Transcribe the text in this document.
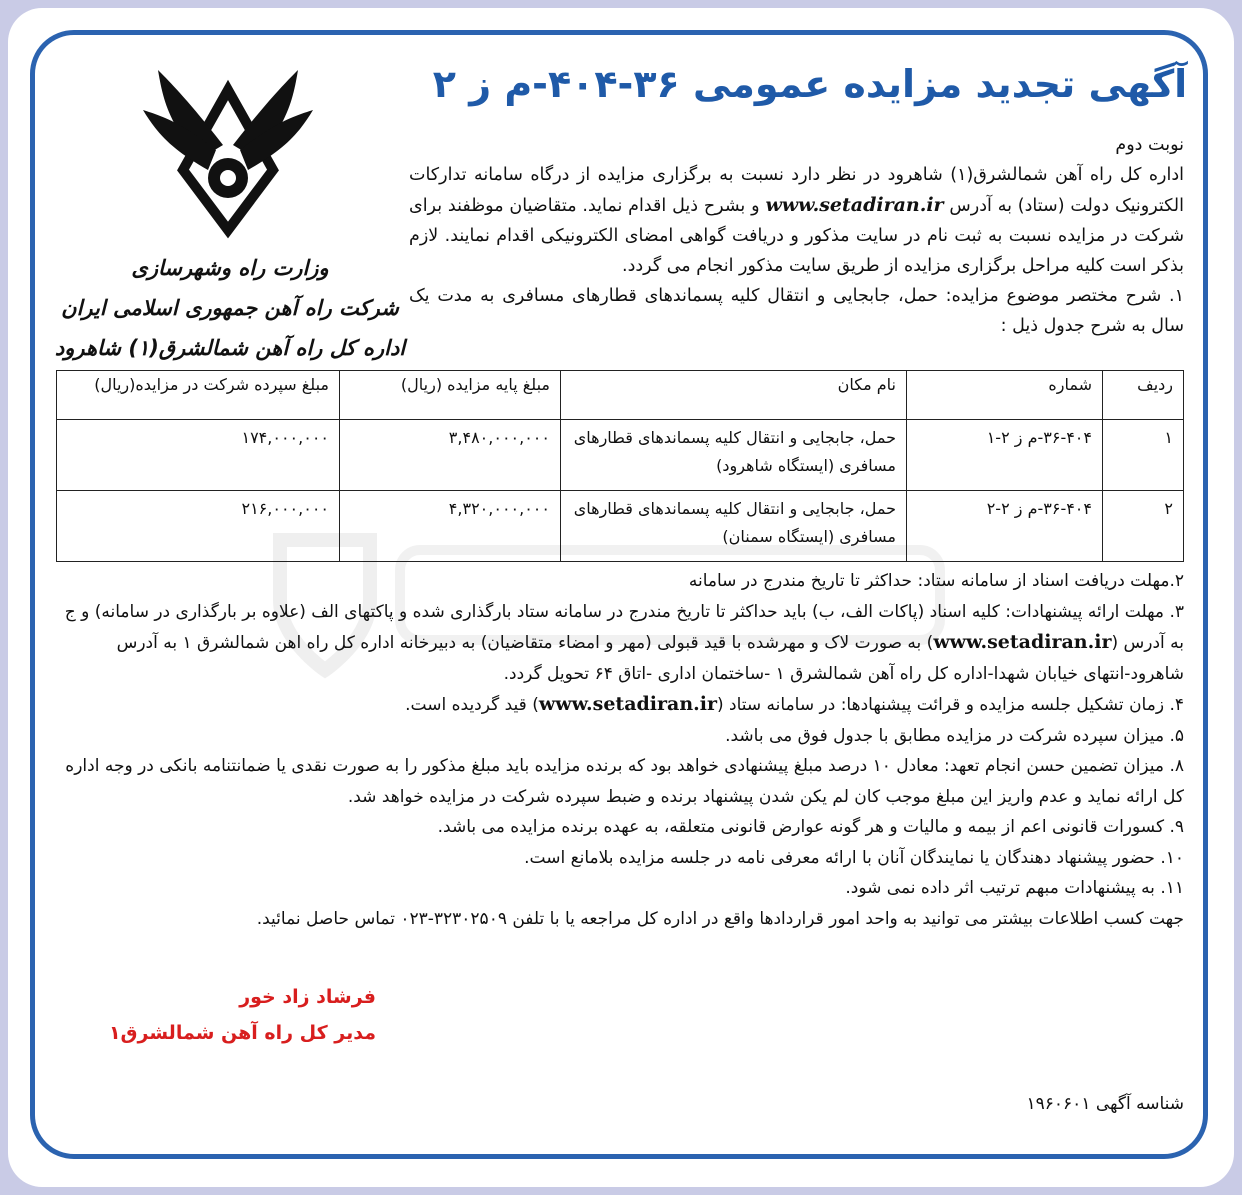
وزارت راه وشهرسازی
شرکت راه آهن جمهوری اسلامی ایران
اداره کل راه آهن شمالشرق(۱) شاهرود
آگهی تجدید مزایده عمومی ۳۶-۴۰۴-م ز ۲
نوبت دوم
اداره کل راه آهن شمالشرق(۱) شاهرود در نظر دارد نسبت به برگزاری مزایده از درگاه سامانه تدارکات الکترونیک دولت (ستاد) به آدرس www.setadiran.ir و بشرح ذیل اقدام نماید. متقاضیان موظفند برای شرکت در مزایده نسبت به ثبت نام در سایت مذکور و دریافت گواهی امضای الکترونیکی اقدام نمایند. لازم بذکر است کلیه مراحل برگزاری مزایده از طریق سایت مذکور انجام می گردد.
۱. شرح مختصر موضوع مزایده: حمل، جابجایی و انتقال کلیه پسماندهای قطارهای مسافری به مدت یک سال به شرح جدول ذیل :
ردیف	شماره	نام مکان	مبلغ پایه مزایده (ریال)	مبلغ سپرده شرکت در مزایده(ریال)
۱	۳۶-۴۰۴-م ز ۲-۱	حمل، جابجایی و انتقال کلیه پسماندهای قطارهای مسافری (ایستگاه شاهرود)	۳,۴۸۰,۰۰۰,۰۰۰	۱۷۴,۰۰۰,۰۰۰
۲	۳۶-۴۰۴-م ز ۲-۲	حمل، جابجایی و انتقال کلیه پسماندهای قطارهای مسافری (ایستگاه سمنان)	۴,۳۲۰,۰۰۰,۰۰۰	۲۱۶,۰۰۰,۰۰۰
۲.مهلت دریافت اسناد از سامانه ستاد: حداکثر تا تاریخ مندرج در سامانه
۳. مهلت ارائه پیشنهادات: کلیه اسناد (پاکات الف، ب) باید حداکثر تا تاریخ مندرج در سامانه ستاد بارگذاری شده و پاکتهای الف (علاوه بر بارگذاری در سامانه) و ج به آدرس (www.setadiran.ir) به صورت لاک و مهرشده با قید قبولی (مهر و امضاء متقاضیان) به دبیرخانه اداره کل راه اهن شمالشرق ۱ به آدرس شاهرود-انتهای خیابان شهدا-اداره کل راه آهن شمالشرق ۱ -ساختمان اداری -اتاق ۶۴ تحویل گردد.
۴. زمان تشکیل جلسه مزایده و قرائت پیشنهادها: در سامانه ستاد (www.setadiran.ir) قید گردیده است.
۵. میزان سپرده شرکت در مزایده مطابق با جدول فوق می باشد.
۸. میزان تضمین حسن انجام تعهد: معادل ۱۰ درصد مبلغ پیشنهادی خواهد بود که برنده مزایده باید مبلغ مذکور را به صورت نقدی یا ضمانتنامه بانکی در وجه اداره کل ارائه نماید و عدم واریز این مبلغ موجب کان لم یکن شدن پیشنهاد برنده و ضبط سپرده شرکت در مزایده خواهد شد.
۹. کسورات قانونی اعم از بیمه و مالیات و هر گونه عوارض قانونی متعلقه، به عهده برنده مزایده می باشد.
۱۰. حضور پیشنهاد دهندگان یا نمایندگان آنان با ارائه معرفی نامه در جلسه مزایده بلامانع است.
۱۱. به پیشنهادات مبهم ترتیب اثر داده نمی شود.
جهت کسب اطلاعات بیشتر می توانید به واحد امور قراردادها واقع در اداره کل مراجعه یا با تلفن ۳۲۳۰۲۵۰۹-۰۲۳ تماس حاصل نمائید.
فرشاد زاد خور
مدیر کل راه آهن شمالشرق۱
شناسه آگهی ۱۹۶۰۶۰۱
